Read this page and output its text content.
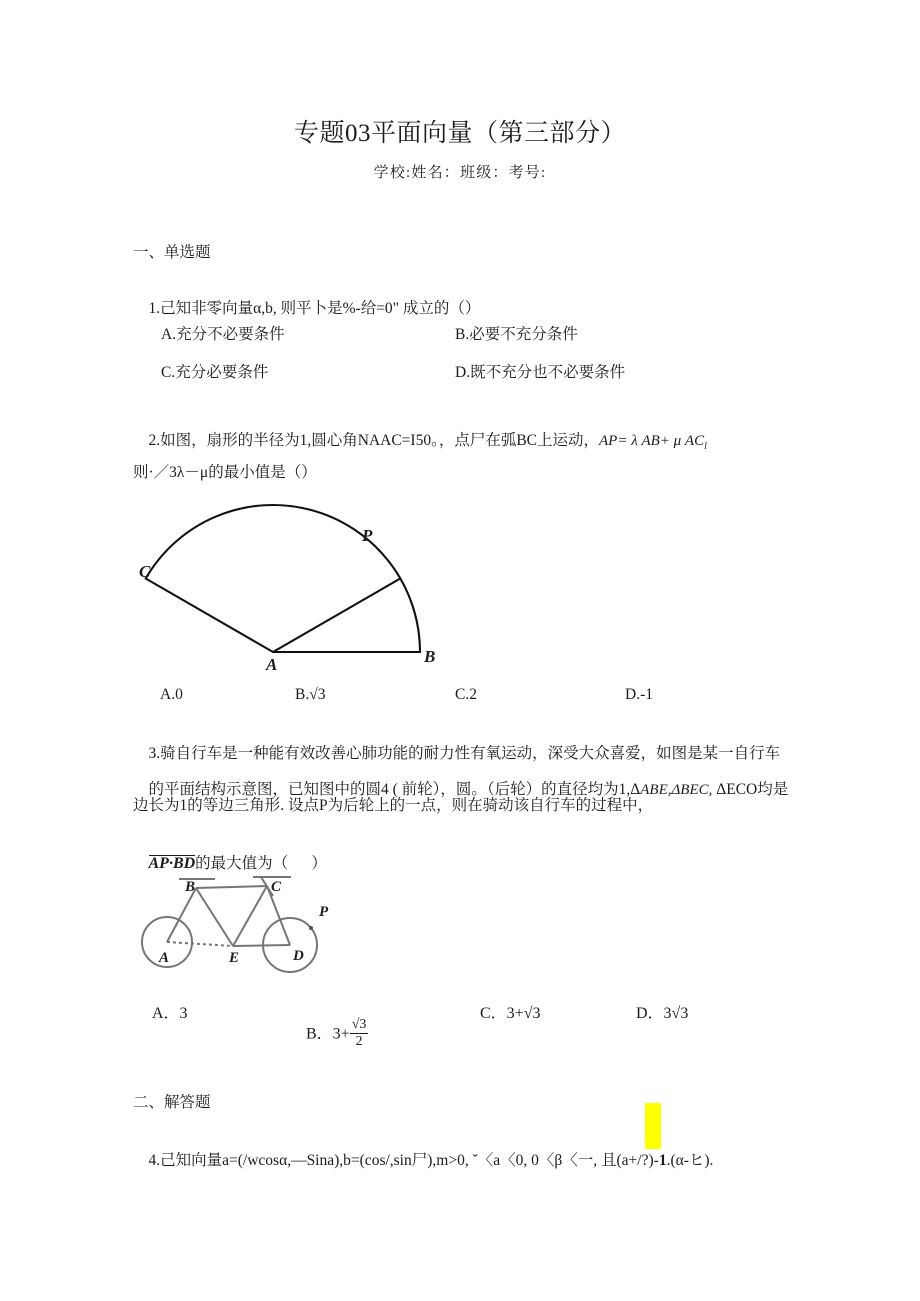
专题03平面向量（第三部分）
学校:姓名：班级：考号:
一、单选题

1.己知非零向量α,b, 则平卜是%-给=0" 成立的（）

A.充分不必要条件	B.必要不充分条件
C.充分必要条件	D.既不充分也不必要条件

2.如图，扇形的半径为1,圆心角NAAC=I50。，点尸在弧BC上运动，AP= λ AB+ μ $AC_l$

则·／3λ－μ的最小值是（）
C
P
A	B
A.0	B.√3	C.2	D.-1

3.骑自行车是一种能有效改善心肺功能的耐力性有氧运动，深受大众喜爱，如图是某一自行车

的平面结构示意图，已知图中的圆4 ( 前轮），圆。（后轮）的直径均为1,ΔABE,ΔBEC, ΔECO均是

边长为1的等边三角形. 设点P为后轮上的一点，则在骑动该自行车的过程中，

AP·BD的最大值为（      ）

B	C
P
A	E	D
A．3

B．$3+ \frac{√3}{2}$

C．3+√3	D．3√3
二、解答题

4.己知向量a=(/wcosα,—Sina),b=(cos/,sin尸),m>0, ˇ〈a〈0, 0〈β〈一, 且(a+/?)-1.(α-ヒ).
